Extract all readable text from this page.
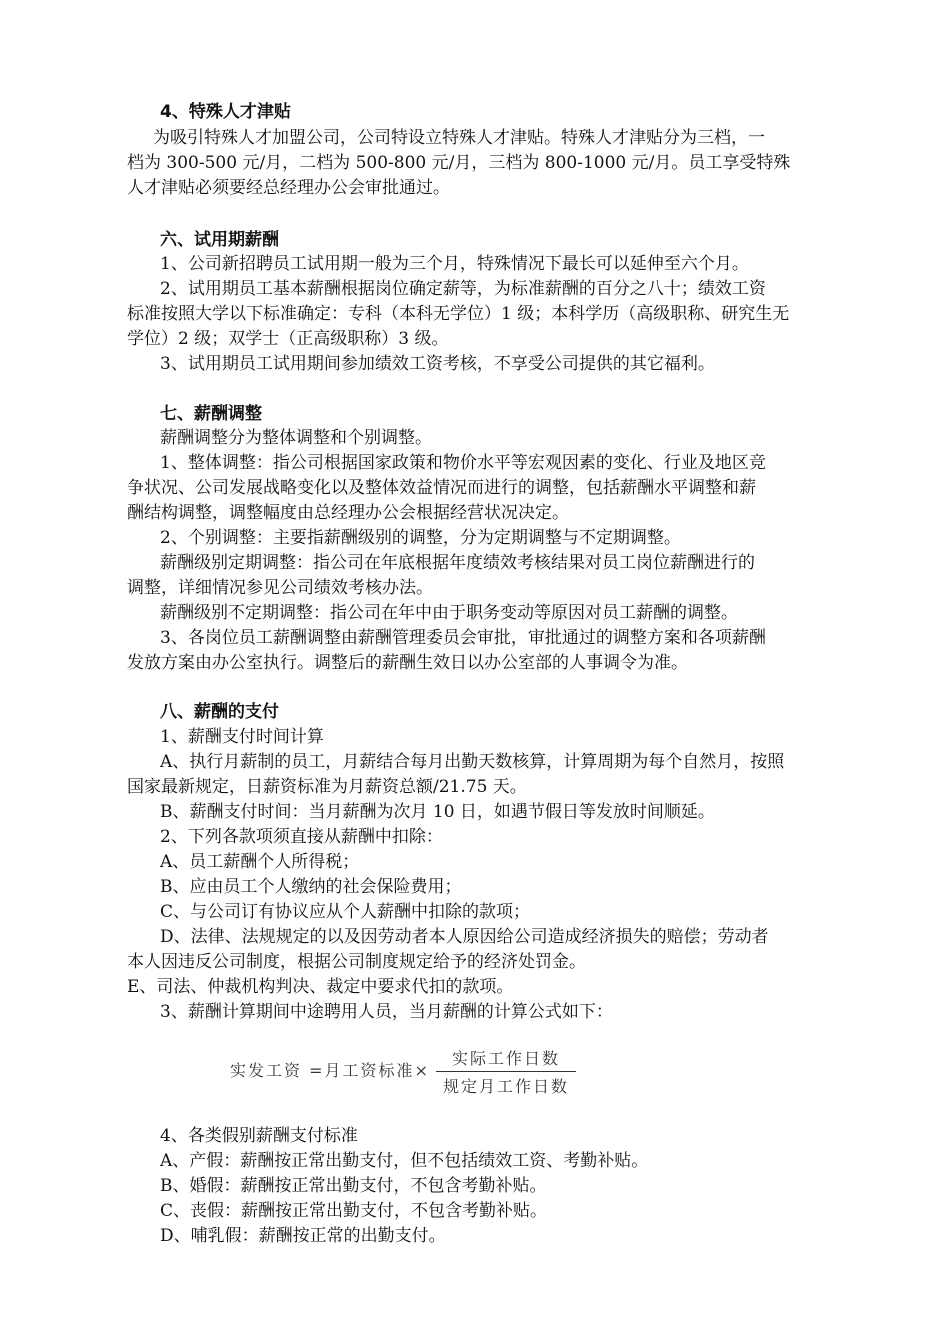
4、特殊人才津贴
为吸引特殊人才加盟公司，公司特设立特殊人才津贴。特殊人才津贴分为三档，一
档为 300-500 元/月，二档为 500-800 元/月，三档为 800-1000 元/月。员工享受特殊
人才津贴必须要经总经理办公会审批通过。
六、试用期薪酬
1、公司新招聘员工试用期一般为三个月，特殊情况下最长可以延伸至六个月。
2、试用期员工基本薪酬根据岗位确定薪等，为标准薪酬的百分之八十；绩效工资
标准按照大学以下标准确定：专科（本科无学位）1 级；本科学历（高级职称、研究生无
学位）2 级；双学士（正高级职称）3 级。
3、试用期员工试用期间参加绩效工资考核，不享受公司提供的其它福利。
七、薪酬调整
薪酬调整分为整体调整和个别调整。
1、整体调整：指公司根据国家政策和物价水平等宏观因素的变化、行业及地区竞
争状况、公司发展战略变化以及整体效益情况而进行的调整，包括薪酬水平调整和薪
酬结构调整，调整幅度由总经理办公会根据经营状况决定。
2、个别调整：主要指薪酬级别的调整，分为定期调整与不定期调整。
薪酬级别定期调整：指公司在年底根据年度绩效考核结果对员工岗位薪酬进行的
调整，详细情况参见公司绩效考核办法。
薪酬级别不定期调整：指公司在年中由于职务变动等原因对员工薪酬的调整。
3、各岗位员工薪酬调整由薪酬管理委员会审批，审批通过的调整方案和各项薪酬
发放方案由办公室执行。调整后的薪酬生效日以办公室部的人事调令为准。
八、薪酬的支付
1、薪酬支付时间计算
A、执行月薪制的员工，月薪结合每月出勤天数核算，计算周期为每个自然月，按照
国家最新规定，日薪资标准为月薪资总额/21.75 天。
B、薪酬支付时间：当月薪酬为次月 10 日，如遇节假日等发放时间顺延。
2、下列各款项须直接从薪酬中扣除：
A、员工薪酬个人所得税；
B、应由员工个人缴纳的社会保险费用；
C、与公司订有协议应从个人薪酬中扣除的款项；
D、法律、法规规定的以及因劳动者本人原因给公司造成经济损失的赔偿；劳动者
本人因违反公司制度，根据公司制度规定给予的经济处罚金。
E、司法、仲裁机构判决、裁定中要求代扣的款项。
3、薪酬计算期间中途聘用人员，当月薪酬的计算公式如下：
实发工资 =月工资标准×
实际工作日数
规定月工作日数
4、各类假别薪酬支付标准
A、产假：薪酬按正常出勤支付，但不包括绩效工资、考勤补贴。
B、婚假：薪酬按正常出勤支付，不包含考勤补贴。
C、丧假：薪酬按正常出勤支付，不包含考勤补贴。
D、哺乳假：薪酬按正常的出勤支付。
